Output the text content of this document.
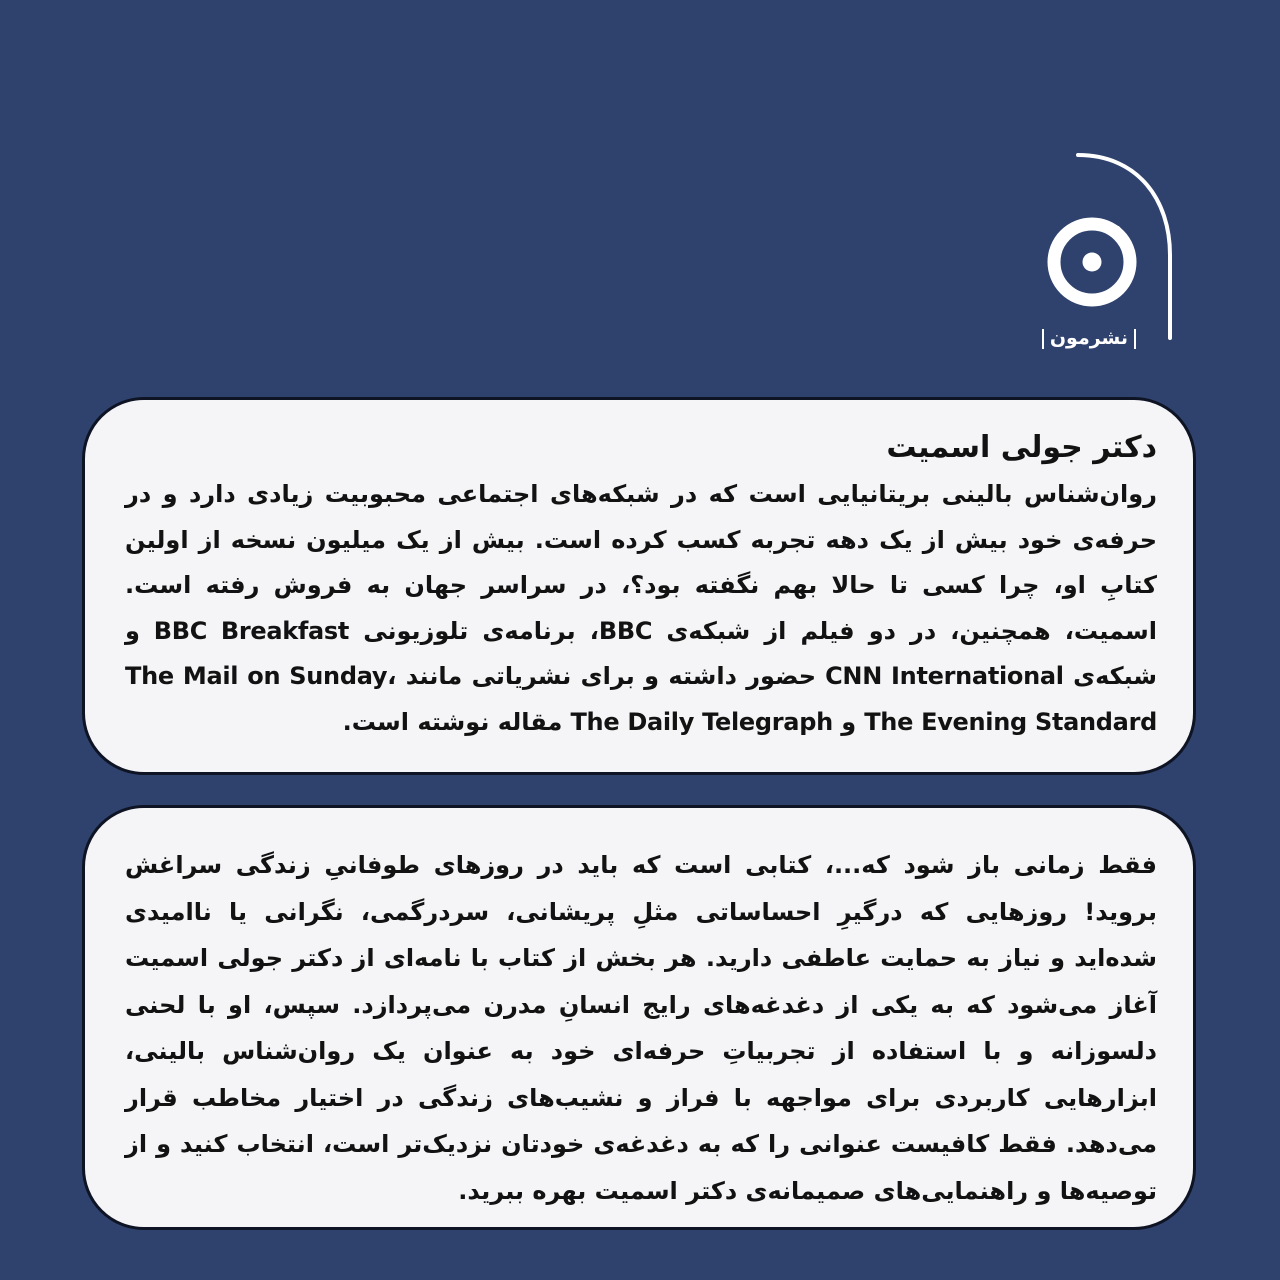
نشرمون
دکتر جولی اسمیت

روان‌شناس بالینی بریتانیایی است که در شبکه‌های اجتماعی محبوبیت زیادی دارد و در حرفه‌ی خود بیش از یک دهه تجربه کسب کرده است. بیش از یک میلیون نسخه از اولین کتابِ او، چرا کسی تا حالا بهم نگفته بود؟، در سراسر جهان به فروش رفته است. اسمیت، همچنین، در دو فیلم از شبکه‌ی BBC، برنامه‌ی تلوزیونی BBC Breakfast و شبکه‌ی CNN International حضور داشته و برای نشریاتی مانند The Mail on Sunday، The Evening Standard و The Daily Telegraph مقاله نوشته است.

فقط زمانی باز شود که...، کتابی است که باید در روزهای طوفانیِ زندگی سراغش بروید! روزهایی که درگیرِ احساساتی مثلِ پریشانی، سردرگمی، نگرانی یا ناامیدی شده‌اید و نیاز به حمایت عاطفی دارید. هر بخش از کتاب با نامه‌ای از دکتر جولی اسمیت آغاز می‌شود که به یکی از دغدغه‌های رایج انسانِ مدرن می‌پردازد. سپس، او با لحنی دلسوزانه و با استفاده از تجربیاتِ حرفه‌ای خود به عنوان یک روان‌شناس بالینی، ابزارهایی کاربردی برای مواجهه با فراز و نشیب‌های زندگی در اختیار مخاطب قرار می‌دهد. فقط کافیست عنوانی را که به دغدغه‌ی خودتان نزدیک‌تر است، انتخاب کنید و از توصیه‌ها و راهنمایی‌های صمیمانه‌ی دکتر اسمیت بهره ببرید.
